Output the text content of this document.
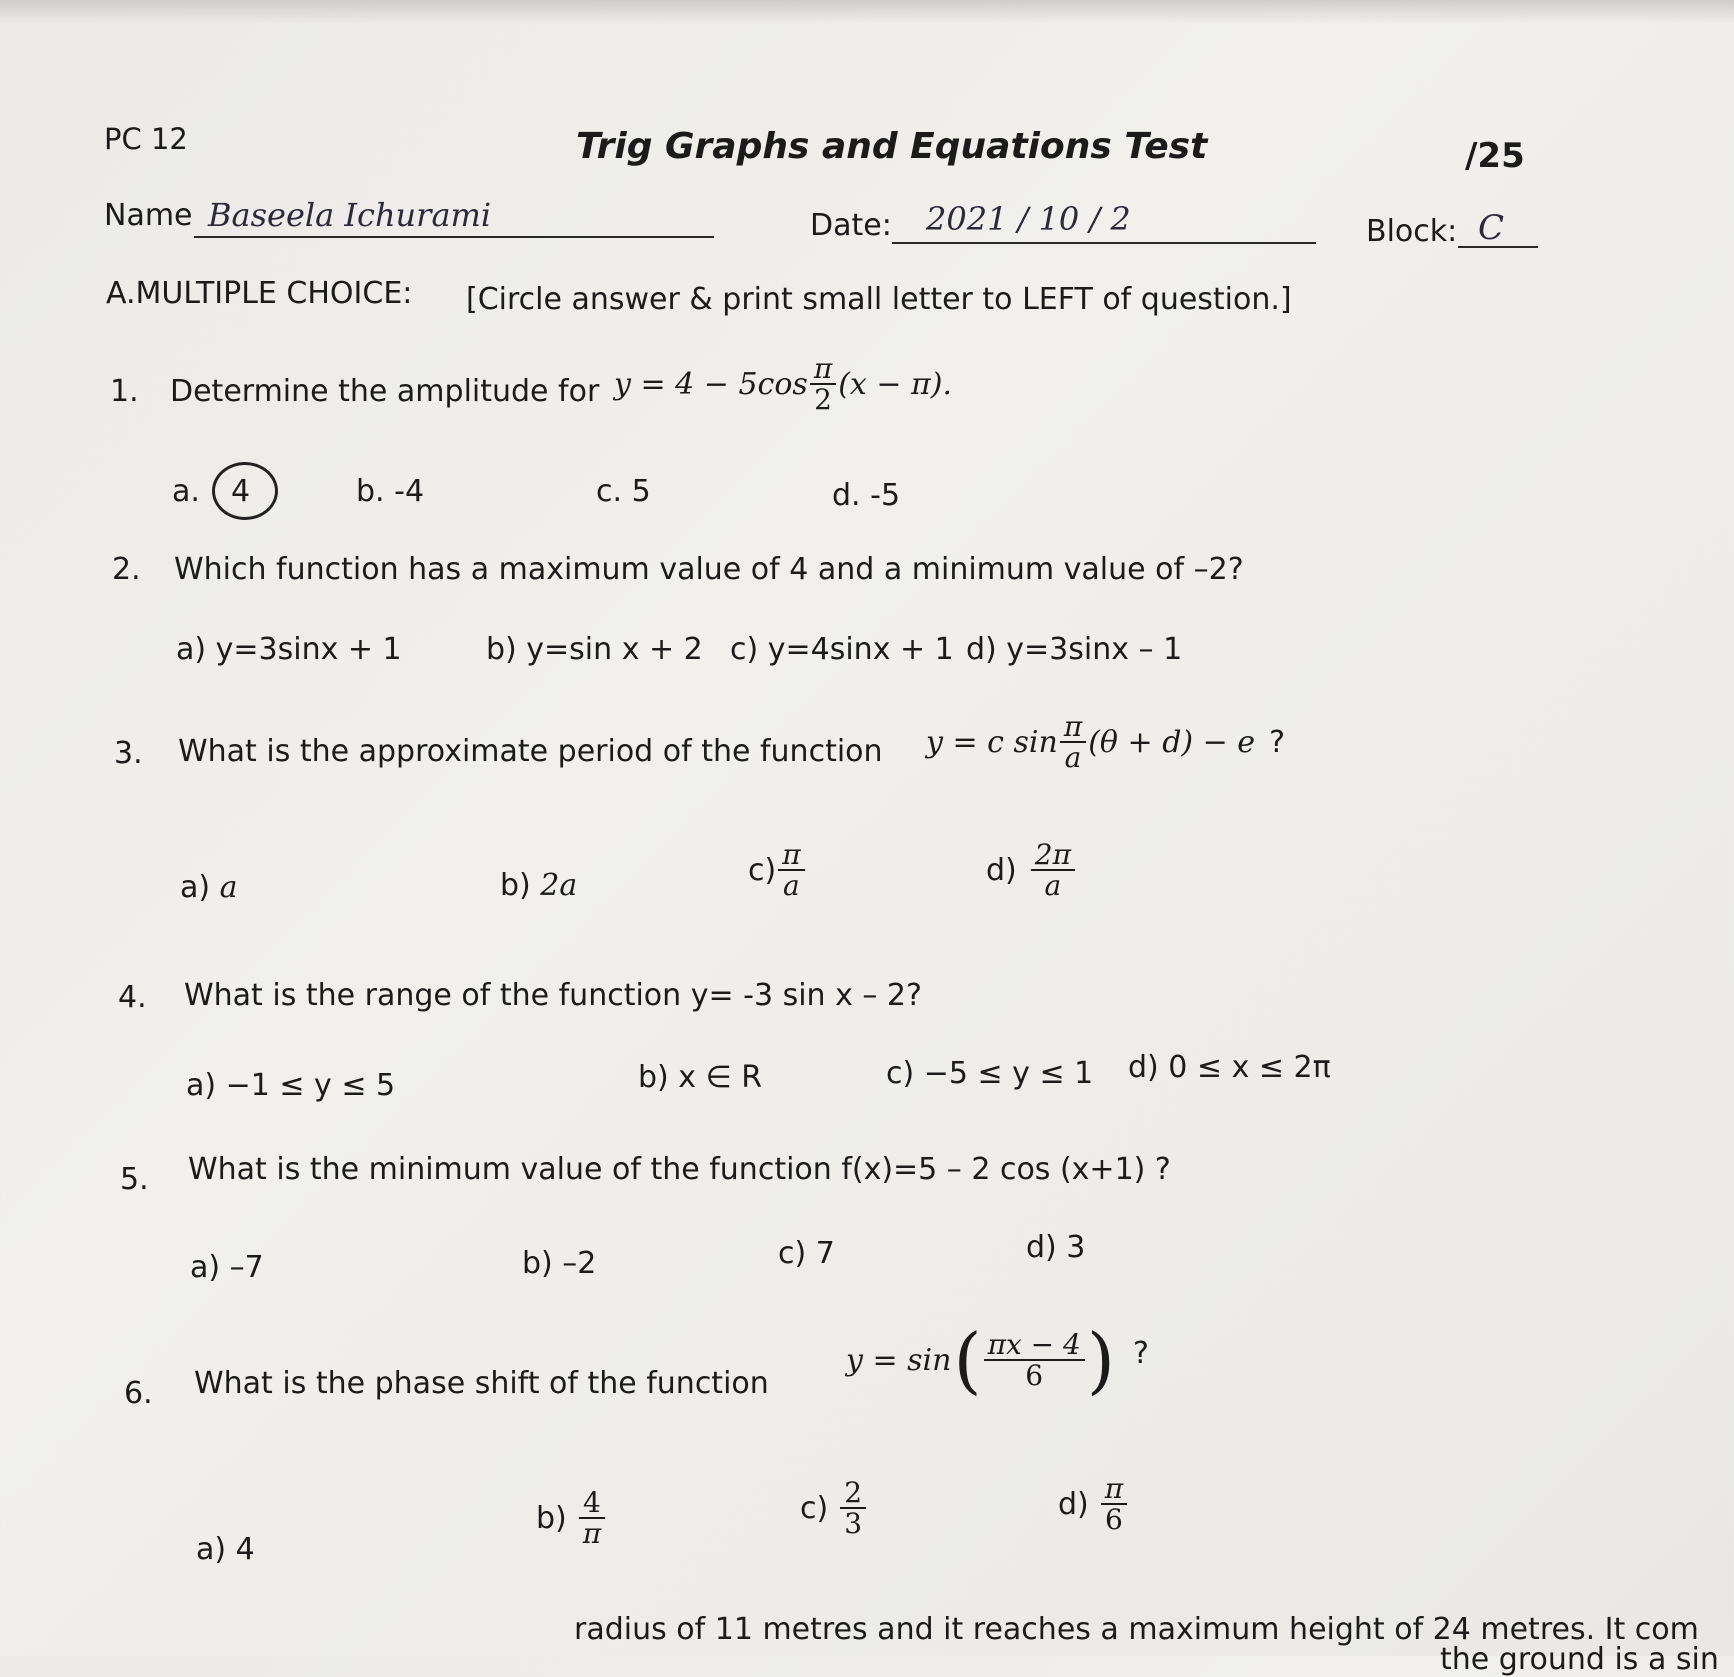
PC 12	Trig Graphs and Equations Test	/25
Name Baseela Ichurami	Date:	2021 / 10 / 2	Block: C
A.MULTIPLE CHOICE: [Circle answer & print small letter to LEFT of question.]
1. Determine the amplitude for $y = 4 - 5\cos \frac{\pi}{2} (x - \pi)$.
a. 4	b. -4	c. 5	d. -5
2. Which function has a maximum value of 4 and a minimum value of –2?
a) y=3sinx + 1	b) y=sin x + 2 c) y=4sinx + 1 d) y=3sinx – 1
3. What is the approximate period of the function y = c $\sin \frac{\pi}{a} (\theta + d) - e$ ?
a) a	b) 2a	$c) \frac{\pi}{a}$	$d) \frac{2\pi}{a}$
4. What is the range of the function y= -3 sin x – 2?
a) −1 ≤ y ≤ 5	b) x ∈ R	c) −5 ≤ y ≤ 1 d) 0 ≤ x ≤ 2π
5. What is the minimum value of the function f(x)=5 – 2 cos (x+1) ?
a) –7	b) –2	c) 7	d) 3
6. What is the phase shift of the function
y = sin ( $\frac{\pi x - 4}{6}$ ) ?
a) 4
$b) \frac{4}{\pi}$	$c) \frac{2}{3}$	$d) \frac{\pi}{6}$
radius of 11 metres and it reaches a maximum height of 24 metres. It com
the ground is a sin
